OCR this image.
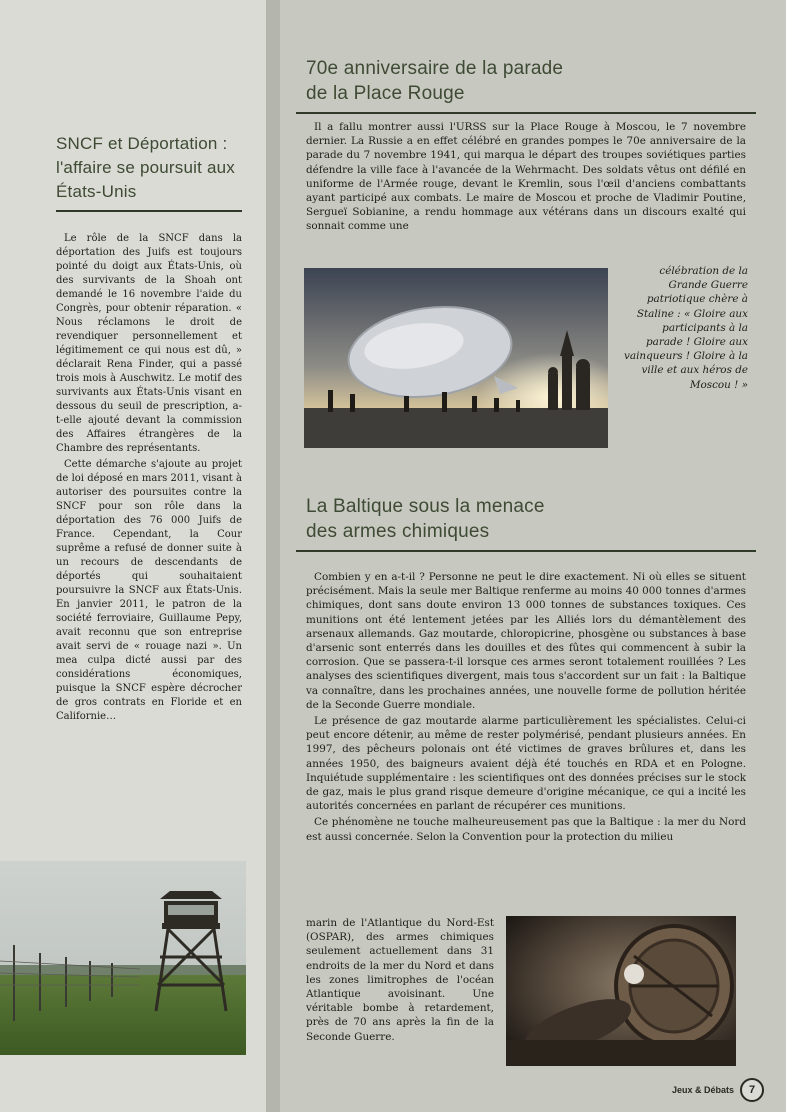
SNCF et Déportation : l'affaire se poursuit aux États-Unis

Le rôle de la SNCF dans la déportation des Juifs est toujours pointé du doigt aux États-Unis, où des survivants de la Shoah ont demandé le 16 novembre l'aide du Congrès, pour obtenir réparation. « Nous réclamons le droit de revendiquer personnellement et légitimement ce qui nous est dû, » déclarait Rena Finder, qui a passé trois mois à Auschwitz. Le motif des survivants aux États-Unis visant en dessous du seuil de prescription, a-t-elle ajouté devant la commission des Affaires étrangères de la Chambre des représentants.

Cette démarche s'ajoute au projet de loi déposé en mars 2011, visant à autoriser des poursuites contre la SNCF pour son rôle dans la déportation des 76 000 Juifs de France. Cependant, la Cour suprême a refusé de donner suite à un recours de descendants de déportés qui souhaitaient poursuivre la SNCF aux États-Unis. En janvier 2011, le patron de la société ferroviaire, Guillaume Pepy, avait reconnu que son entreprise avait servi de « rouage nazi ». Un mea culpa dicté aussi par des considérations économiques, puisque la SNCF espère décrocher de gros contrats en Floride et en Californie…

70e anniversaire de la parade
de la Place Rouge

Il a fallu montrer aussi l'URSS sur la Place Rouge à Moscou, le 7 novembre dernier. La Russie a en effet célébré en grandes pompes le 70e anniversaire de la parade du 7 novembre 1941, qui marqua le départ des troupes soviétiques parties défendre la ville face à l'avancée de la Wehrmacht. Des soldats vêtus ont défilé en uniforme de l'Armée rouge, devant le Kremlin, sous l'œil d'anciens combattants ayant participé aux combats. Le maire de Moscou et proche de Vladimir Poutine, Sergueï Sobianine, a rendu hommage aux vétérans dans un discours exalté qui sonnait comme une

célébration de la Grande Guerre patriotique chère à Staline : « Gloire aux participants à la parade ! Gloire aux vainqueurs ! Gloire à la ville et aux héros de Moscou ! »

La Baltique sous la menace
des armes chimiques

Combien y en a-t-il ? Personne ne peut le dire exactement. Ni où elles se situent précisément. Mais la seule mer Baltique renferme au moins 40 000 tonnes d'armes chimiques, dont sans doute environ 13 000 tonnes de substances toxiques. Ces munitions ont été lentement jetées par les Alliés lors du démantèlement des arsenaux allemands. Gaz moutarde, chloropicrine, phosgène ou substances à base d'arsenic sont enterrés dans les douilles et des fûtes qui commencent à subir la corrosion. Que se passera-t-il lorsque ces armes seront totalement rouillées ? Les analyses des scientifiques divergent, mais tous s'accordent sur un fait : la Baltique va connaître, dans les prochaines années, une nouvelle forme de pollution héritée de la Seconde Guerre mondiale.

Le présence de gaz moutarde alarme particulièrement les spécialistes. Celui-ci peut encore détenir, au même de rester polymérisé, pendant plusieurs années. En 1997, des pêcheurs polonais ont été victimes de graves brûlures et, dans les années 1950, des baigneurs avaient déjà été touchés en RDA et en Pologne. Inquiétude supplémentaire : les scientifiques ont des données précises sur le stock de gaz, mais le plus grand risque demeure d'origine mécanique, ce qui a incité les autorités concernées en parlant de récupérer ces munitions.

Ce phénomène ne touche malheureusement pas que la Baltique : la mer du Nord est aussi concernée. Selon la Convention pour la protection du milieu

marin de l'Atlantique du Nord-Est (OSPAR), des armes chimiques seulement actuellement dans 31 endroits de la mer du Nord et dans les zones limitrophes de l'océan Atlantique avoisinant. Une véritable bombe à retardement, près de 70 ans après la fin de la Seconde Guerre.

Jeux & Débats	7
